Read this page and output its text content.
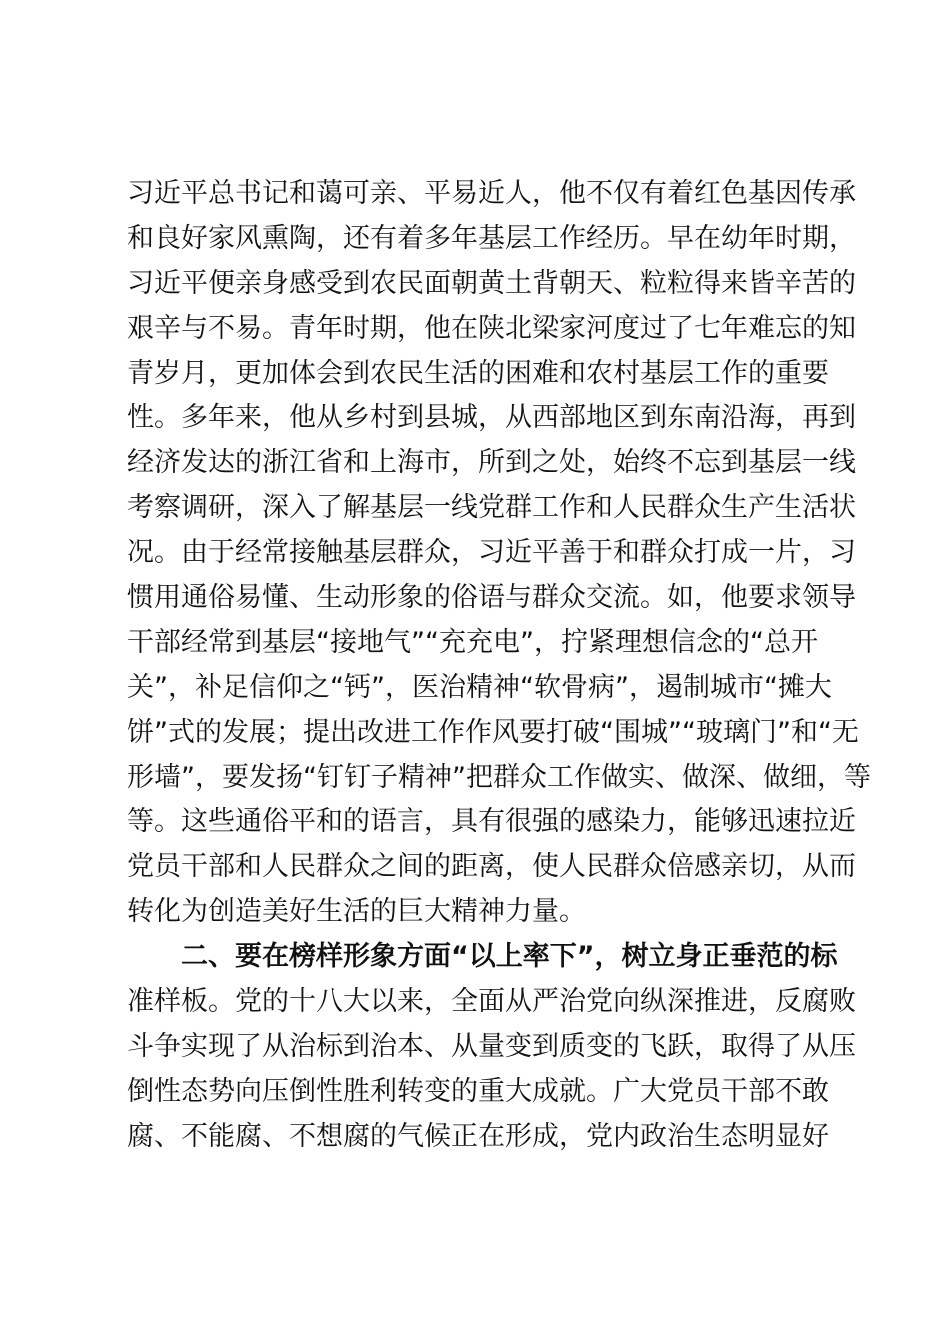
习近平总书记和蔼可亲、平易近人，他不仅有着红色基因传承
和良好家风熏陶，还有着多年基层工作经历。早在幼年时期，
习近平便亲身感受到农民面朝黄土背朝天、粒粒得来皆辛苦的
艰辛与不易。青年时期，他在陕北梁家河度过了七年难忘的知
青岁月，更加体会到农民生活的困难和农村基层工作的重要
性。多年来，他从乡村到县城，从西部地区到东南沿海，再到
经济发达的浙江省和上海市，所到之处，始终不忘到基层一线
考察调研，深入了解基层一线党群工作和人民群众生产生活状
况。由于经常接触基层群众，习近平善于和群众打成一片，习
惯用通俗易懂、生动形象的俗语与群众交流。如，他要求领导
干部经常到基层“接地气”“充充电”，拧紧理想信念的“总开
关”，补足信仰之“钙”，医治精神“软骨病”，遏制城市“摊大
饼”式的发展；提出改进工作作风要打破“围城”“玻璃门”和“无
形墙”，要发扬“钉钉子精神”把群众工作做实、做深、做细，等
等。这些通俗平和的语言，具有很强的感染力，能够迅速拉近
党员干部和人民群众之间的距离，使人民群众倍感亲切，从而
转化为创造美好生活的巨大精神力量。
二、要在榜样形象方面“以上率下”，树立身正垂范的标
准样板。党的十八大以来，全面从严治党向纵深推进，反腐败
斗争实现了从治标到治本、从量变到质变的飞跃，取得了从压
倒性态势向压倒性胜利转变的重大成就。广大党员干部不敢
腐、不能腐、不想腐的气候正在形成，党内政治生态明显好
